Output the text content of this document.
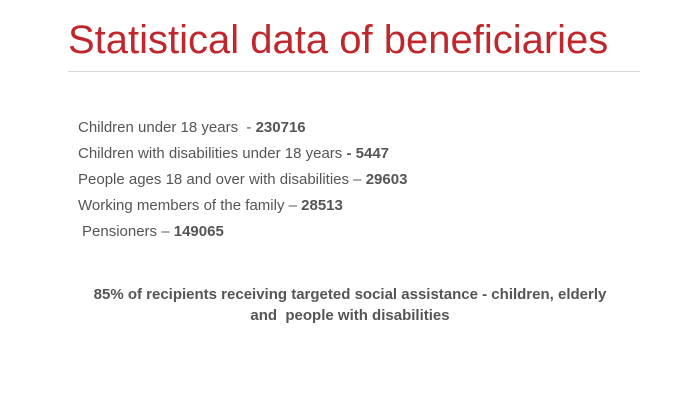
Statistical data of beneficiaries
Children under 18 years  - 230716
Children with disabilities under 18 years - 5447
People ages 18 and over with disabilities – 29603
Working members of the family – 28513
Pensioners – 149065
85% of recipients receiving targeted social assistance - children, elderly
and  people with disabilities
